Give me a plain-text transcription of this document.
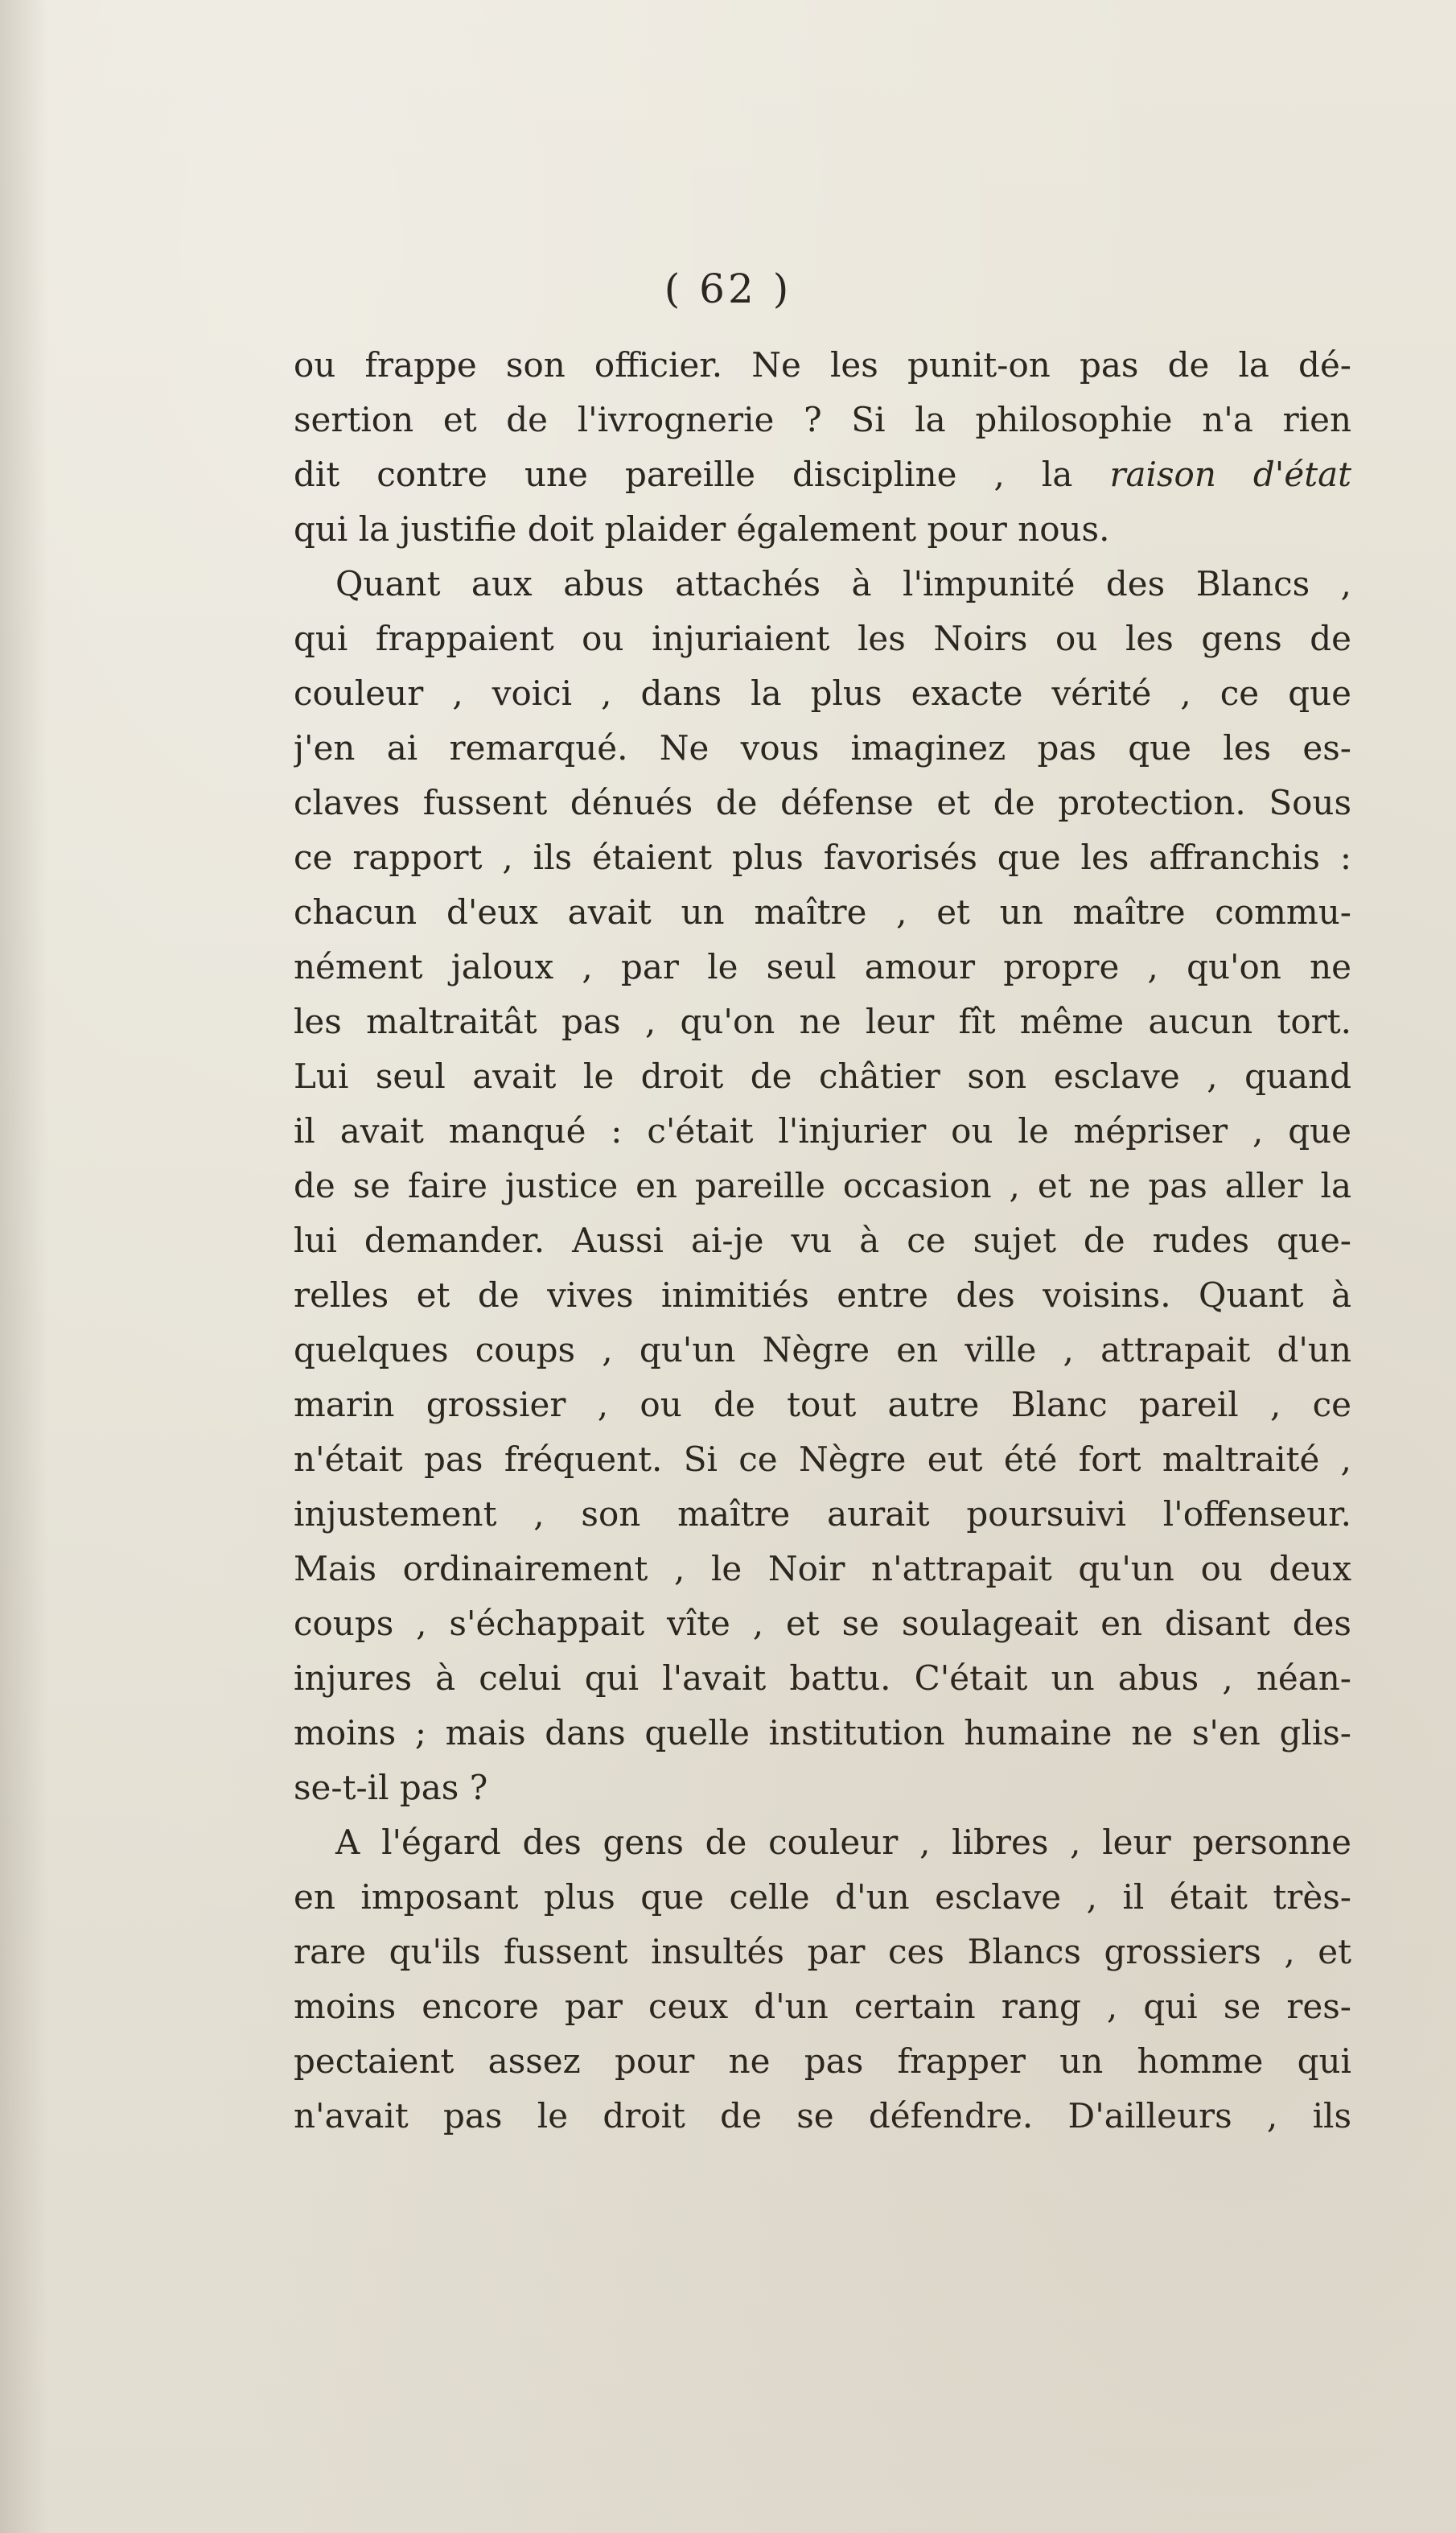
( 62 )
ou frappe son officier. Ne les punit-on pas de la dé-
sertion et de l'ivrognerie ? Si la philosophie n'a rien
dit contre une pareille discipline , la raison d'état
qui la justifie doit plaider également pour nous.
Quant aux abus attachés à l'impunité des Blancs ,
qui frappaient ou injuriaient les Noirs ou les gens de
couleur , voici , dans la plus exacte vérité , ce que
j'en ai remarqué. Ne vous imaginez pas que les es-
claves fussent dénués de défense et de protection. Sous
ce rapport , ils étaient plus favorisés que les affranchis :
chacun d'eux avait un maître , et un maître commu-
nément jaloux , par le seul amour propre , qu'on ne
les maltraitât pas , qu'on ne leur fît même aucun tort.
Lui seul avait le droit de châtier son esclave , quand
il avait manqué : c'était l'injurier ou le mépriser , que
de se faire justice en pareille occasion , et ne pas aller la
lui demander. Aussi ai-je vu à ce sujet de rudes que-
relles et de vives inimitiés entre des voisins. Quant à
quelques coups , qu'un Nègre en ville , attrapait d'un
marin grossier , ou de tout autre Blanc pareil , ce
n'était pas fréquent. Si ce Nègre eut été fort maltraité ,
injustement , son maître aurait poursuivi l'offenseur.
Mais ordinairement , le Noir n'attrapait qu'un ou deux
coups , s'échappait vîte , et se soulageait en disant des
injures à celui qui l'avait battu. C'était un abus , néan-
moins ; mais dans quelle institution humaine ne s'en glis-
se-t-il pas ?
A l'égard des gens de couleur , libres , leur personne
en imposant plus que celle d'un esclave , il était très-
rare qu'ils fussent insultés par ces Blancs grossiers , et
moins encore par ceux d'un certain rang , qui se res-
pectaient assez pour ne pas frapper un homme qui
n'avait pas le droit de se défendre. D'ailleurs , ils
